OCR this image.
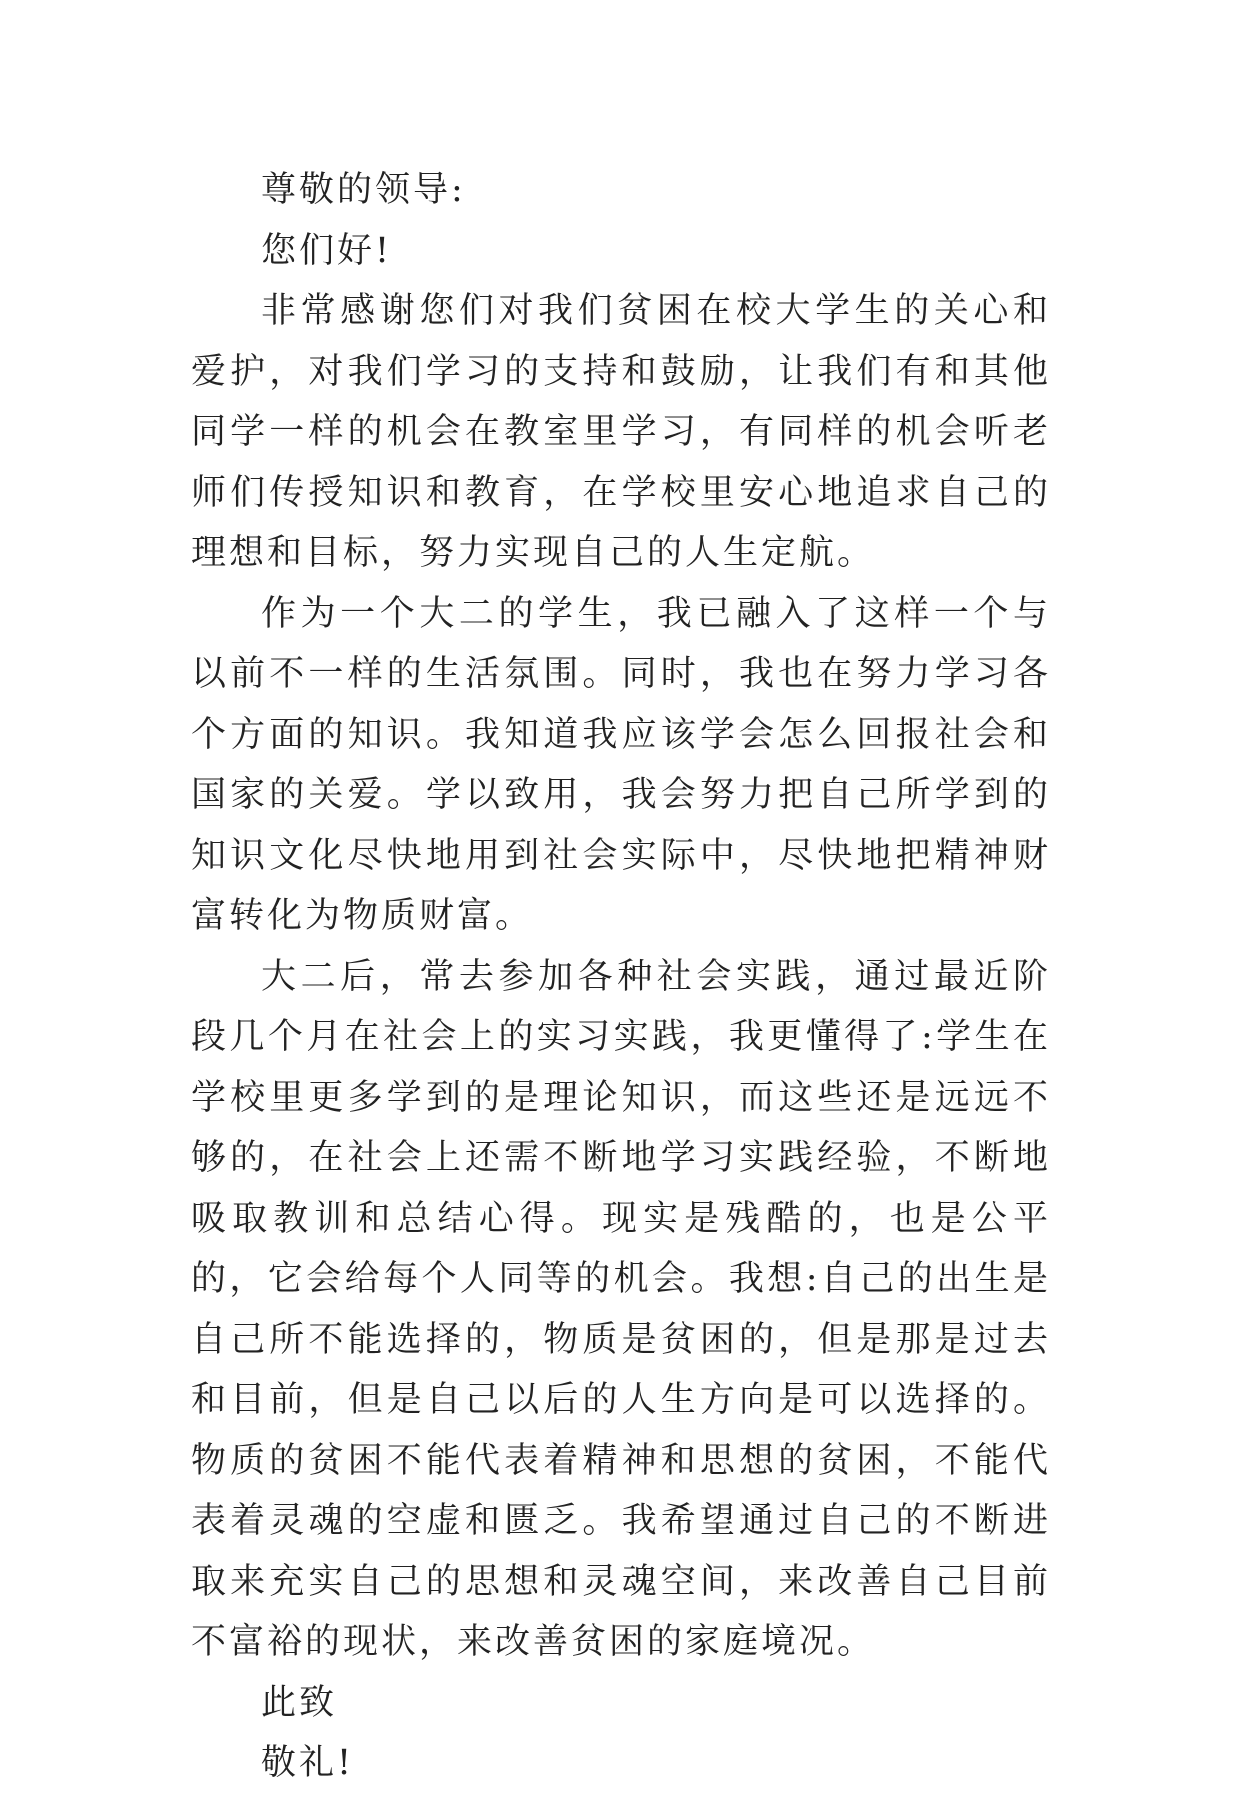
尊敬的领导:

您们好!

非常感谢您们对我们贫困在校大学生的关心和爱护，对我们学习的支持和鼓励，让我们有和其他同学一样的机会在教室里学习，有同样的机会听老师们传授知识和教育，在学校里安心地追求自己的理想和目标，努力实现自己的人生定航。

作为一个大二的学生，我已融入了这样一个与以前不一样的生活氛围。同时，我也在努力学习各个方面的知识。我知道我应该学会怎么回报社会和国家的关爱。学以致用，我会努力把自己所学到的知识文化尽快地用到社会实际中，尽快地把精神财富转化为物质财富。

大二后，常去参加各种社会实践，通过最近阶段几个月在社会上的实习实践，我更懂得了:学生在学校里更多学到的是理论知识，而这些还是远远不够的，在社会上还需不断地学习实践经验，不断地吸取教训和总结心得。现实是残酷的，也是公平的，它会给每个人同等的机会。我想:自己的出生是自己所不能选择的，物质是贫困的，但是那是过去和目前，但是自己以后的人生方向是可以选择的。物质的贫困不能代表着精神和思想的贫困，不能代表着灵魂的空虚和匮乏。我希望通过自己的不断进取来充实自己的思想和灵魂空间，来改善自己目前不富裕的现状，来改善贫困的家庭境况。

此致

敬礼!
